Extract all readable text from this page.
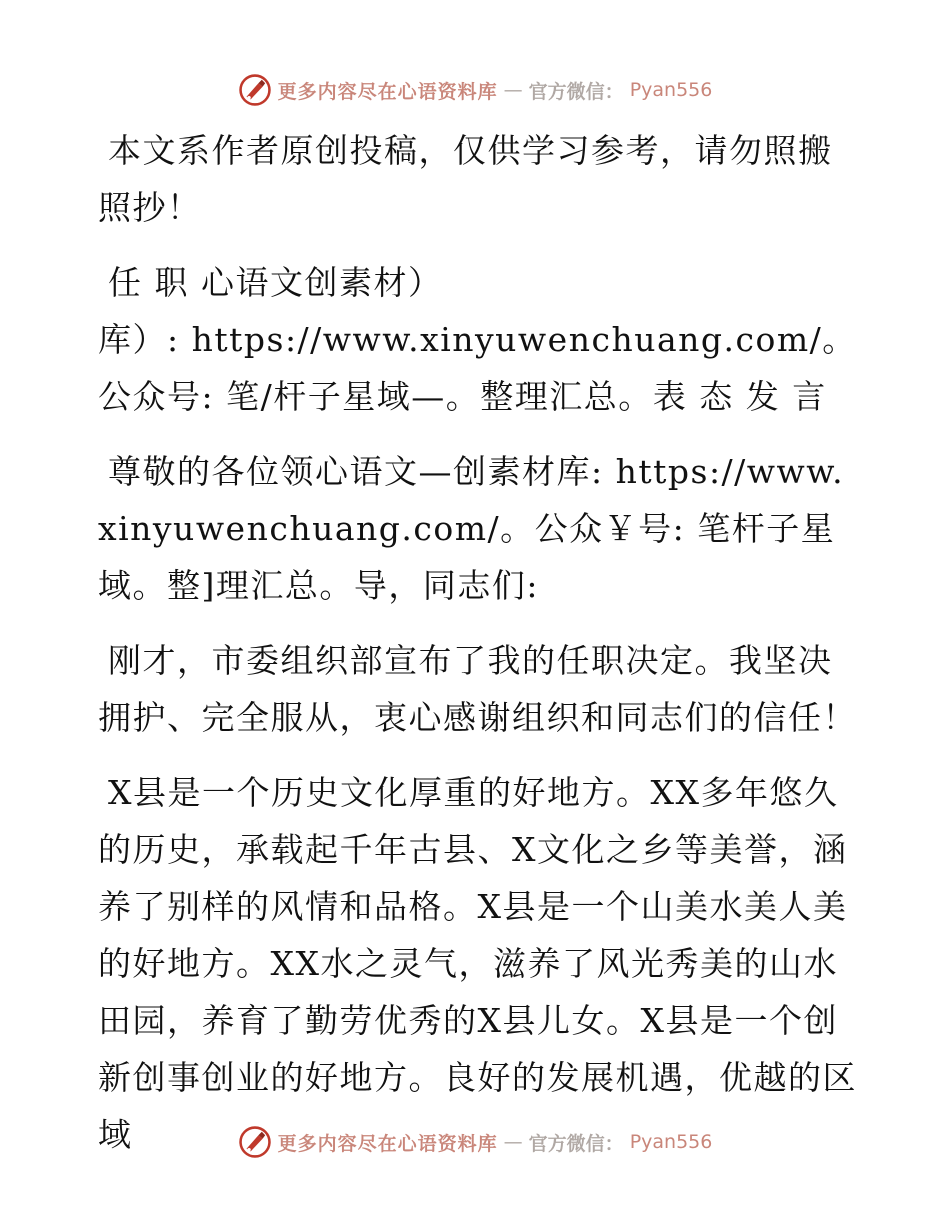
更多内容尽在心语资料库 — 官方微信： Pyan556

本文系作者原创投稿，仅供学习参考，请勿照搬照抄！

任 职 心语文创素材）

库）: https://www.xinyuwenchuang.com/。公众号: 笔/杆子星域—。整理汇总。表 态 发 言

尊敬的各位领心语文—创素材库: https://www.xinyuwenchuang.com/。公众￥号: 笔杆子星域。整]理汇总。导，同志们:

刚才，市委组织部宣布了我的任职决定。我坚决拥护、完全服从，衷心感谢组织和同志们的信任！

X县是一个历史文化厚重的好地方。XX多年悠久的历史，承载起千年古县、X文化之乡等美誉，涵养了别样的风情和品格。X县是一个山美水美人美的好地方。XX水之灵气，滋养了风光秀美的山水田园，养育了勤劳优秀的X县儿女。X县是一个创新创事创业的好地方。良好的发展机遇，优越的区域	更多内容尽在心语资料库 — 官方微信： Pyan556
